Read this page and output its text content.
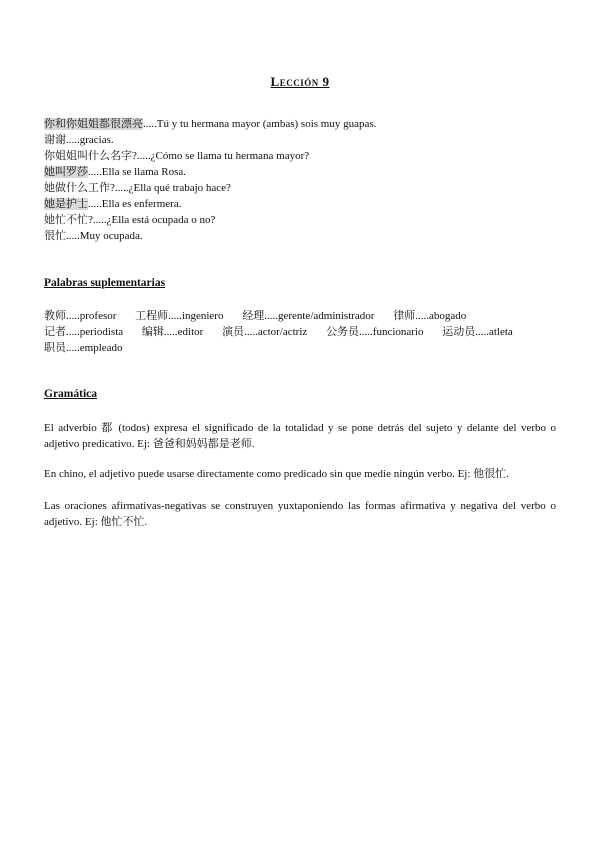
Lección 9
你和你姐姐都很漂亮.....Tú y tu hermana mayor (ambas) sois muy guapas.
谢谢.....gracias.
你姐姐叫什么名字?.....¿Cómo se llama tu hermana mayor?
她叫罗莎.....Ella se llama Rosa.
她做什么工作?.....¿Ella qué trabajo hace?
她是护士.....Ella es enfermera.
她忙不忙?.....¿Ella está ocupada o no?
很忙.....Muy ocupada.
Palabras suplementarias
教师.....profesor 工程师.....ingeniero 经理.....gerente/administrador 律师.....abogado
记者.....periodista 编辑.....editor 演员.....actor/actriz 公务员.....funcionario 运动员.....atleta
职员.....empleado
Gramática
El adverbio 都 (todos) expresa el significado de la totalidad y se pone detrás del sujeto y delante del verbo o adjetivo predicativo. Ej: 爸爸和妈妈都是老师.
En chino, el adjetivo puede usarse directamente como predicado sin que medie ningún verbo. Ej: 他很忙.
Las oraciones afirmativas-negativas se construyen yuxtaponiendo las formas afirmativa y negativa del verbo o adjetivo. Ej: 他忙不忙.
